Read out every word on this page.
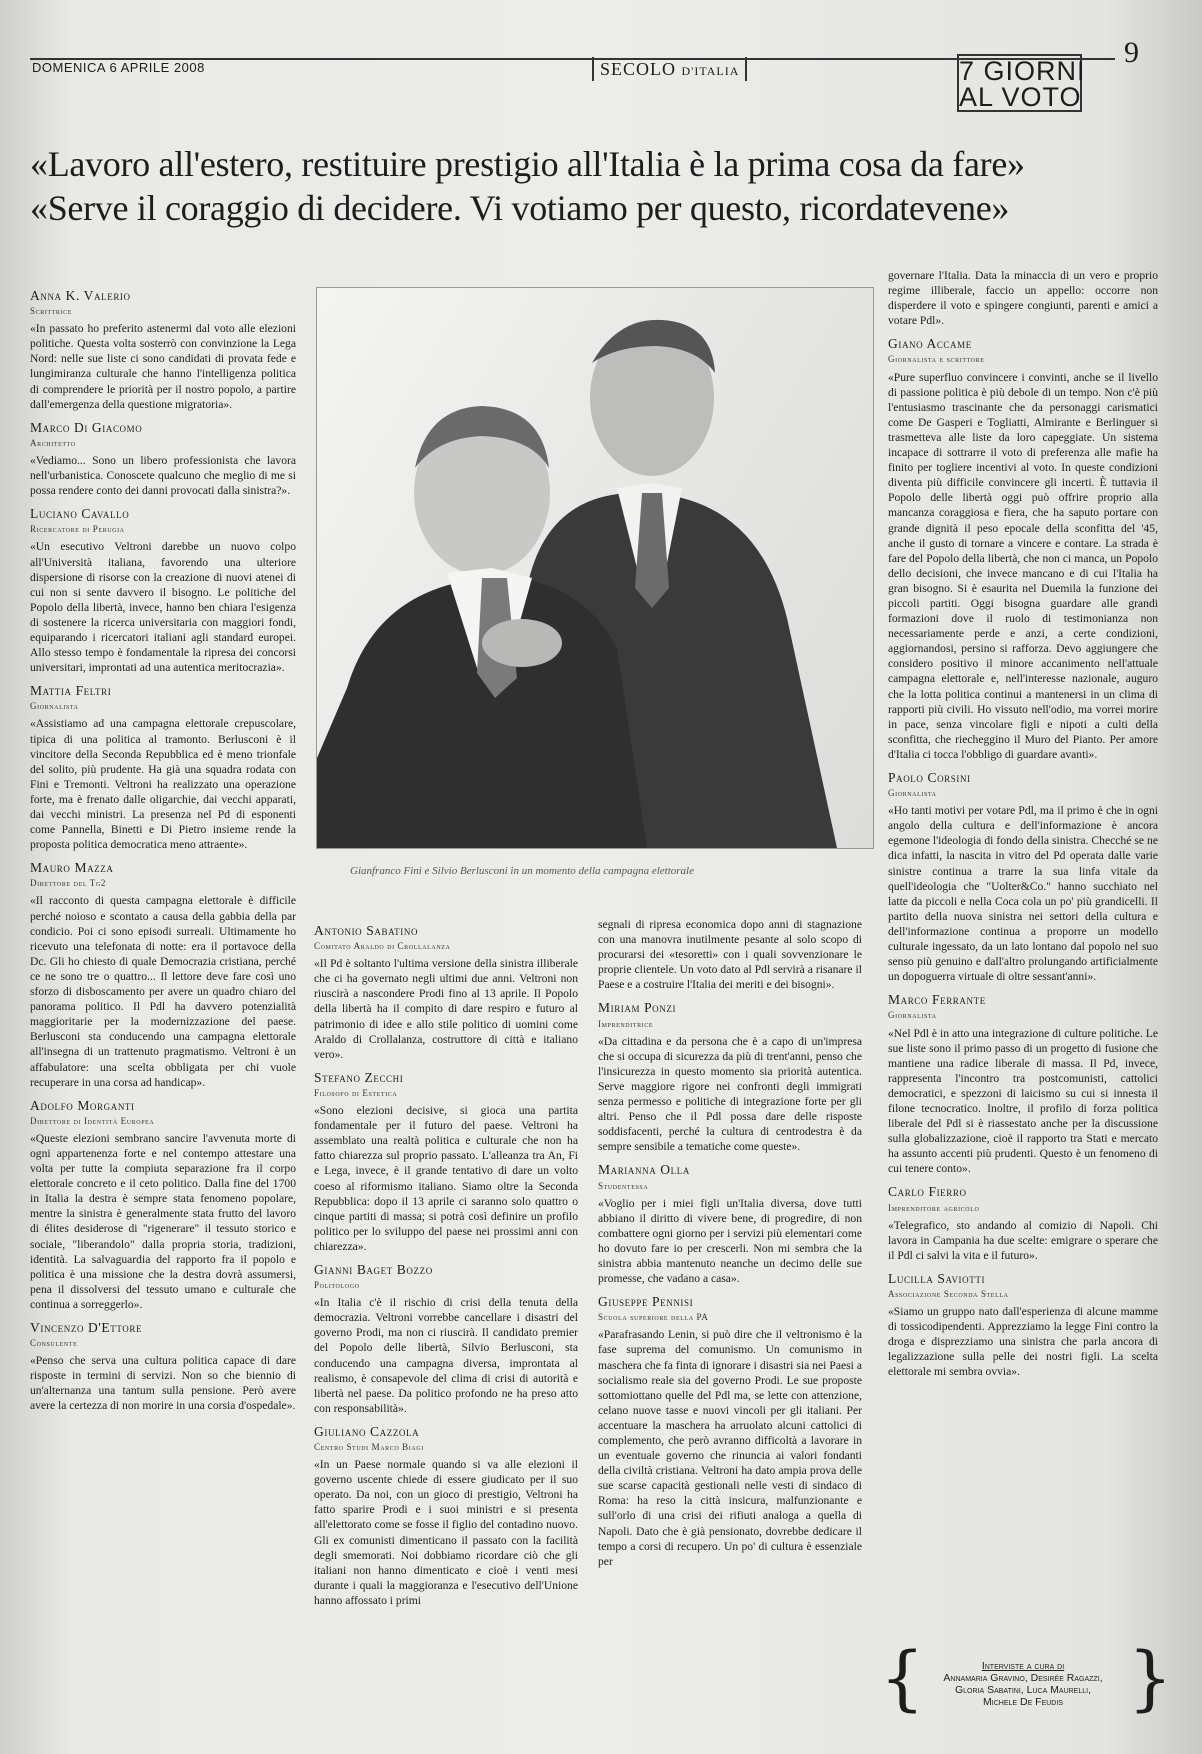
DOMENICA 6 APRILE 2008	SECOLO D'ITALIA	7 GIORNI
AL VOTO
9
«Lavoro all'estero, restituire prestigio all'Italia è la prima cosa da fare»
«Serve il coraggio di decidere. Vi votiamo per questo, ricordatevene»
Anna K. Valerio
Scrittrice

«In passato ho preferito astenermi dal voto alle elezioni politiche. Questa volta sosterrò con convinzione la Lega Nord: nelle sue liste ci sono candidati di provata fede e lungimiranza culturale che hanno l'intelligenza politica di comprendere le priorità per il nostro popolo, a partire dall'emergenza della questione migratoria».

Marco Di Giacomo
Architetto

«Vediamo... Sono un libero professionista che lavora nell'urbanistica. Conoscete qualcuno che meglio di me si possa rendere conto dei danni provocati dalla sinistra?».

Luciano Cavallo
Ricercatore di Perugia

«Un esecutivo Veltroni darebbe un nuovo colpo all'Università italiana, favorendo una ulteriore dispersione di risorse con la creazione di nuovi atenei di cui non si sente davvero il bisogno. Le politiche del Popolo della libertà, invece, hanno ben chiara l'esigenza di sostenere la ricerca universitaria con maggiori fondi, equiparando i ricercatori italiani agli standard europei. Allo stesso tempo è fondamentale la ripresa dei concorsi universitari, improntati ad una autentica meritocrazia».

Mattia Feltri
Giornalista

«Assistiamo ad una campagna elettorale crepuscolare, tipica di una politica al tramonto. Berlusconi è il vincitore della Seconda Repubblica ed è meno trionfale del solito, più prudente. Ha già una squadra rodata con Fini e Tremonti. Veltroni ha realizzato una operazione forte, ma è frenato dalle oligarchie, dai vecchi apparati, dai vecchi ministri. La presenza nel Pd di esponenti come Pannella, Binetti e Di Pietro insieme rende la proposta politica democratica meno attraente».

Mauro Mazza
Direttore del Tg2

«Il racconto di questa campagna elettorale è difficile perché noioso e scontato a causa della gabbia della par condicio. Poi ci sono episodi surreali. Ultimamente ho ricevuto una telefonata di notte: era il portavoce della Dc. Gli ho chiesto di quale Democrazia cristiana, perché ce ne sono tre o quattro... Il lettore deve fare così uno sforzo di disboscamento per avere un quadro chiaro del panorama politico. Il Pdl ha davvero potenzialità maggioritarie per la modernizzazione del paese. Berlusconi sta conducendo una campagna elettorale all'insegna di un trattenuto pragmatismo. Veltroni è un affabulatore: una scelta obbligata per chi vuole recuperare in una corsa ad handicap».

Adolfo Morganti
Direttore di Identità Europea

«Queste elezioni sembrano sancire l'avvenuta morte di ogni appartenenza forte e nel contempo attestare una volta per tutte la compiuta separazione fra il corpo elettorale concreto e il ceto politico. Dalla fine del 1700 in Italia la destra è sempre stata fenomeno popolare, mentre la sinistra è generalmente stata frutto del lavoro di élites desiderose di "rigenerare" il tessuto storico e sociale, "liberandolo" dalla propria storia, tradizioni, identità. La salvaguardia del rapporto fra il popolo e politica è una missione che la destra dovrà assumersi, pena il dissolversi del tessuto umano e culturale che continua a sorreggerlo».

Vincenzo D'Ettore
Consulente

«Penso che serva una cultura politica capace di dare risposte in termini di servizi. Non so che biennio di un'alternanza una tantum sulla pensione. Però avere avere la certezza di non morire in una corsia d'ospedale».

Antonio Sabatino
Comitato Araldo di Crollalanza

«Il Pd è soltanto l'ultima versione della sinistra illiberale che ci ha governato negli ultimi due anni. Veltroni non riuscirà a nascondere Prodi fino al 13 aprile. Il Popolo della libertà ha il compito di dare respiro e futuro al patrimonio di idee e allo stile politico di uomini come Araldo di Crollalanza, costruttore di città e italiano vero».

Stefano Zecchi
Filosofo di Estetica

«Sono elezioni decisive, si gioca una partita fondamentale per il futuro del paese. Veltroni ha assemblato una realtà politica e culturale che non ha fatto chiarezza sul proprio passato. L'alleanza tra An, Fi e Lega, invece, è il grande tentativo di dare un volto coeso al riformismo italiano. Siamo oltre la Seconda Repubblica: dopo il 13 aprile ci saranno solo quattro o cinque partiti di massa; si potrà così definire un profilo politico per lo sviluppo del paese nei prossimi anni con chiarezza».

Gianni Baget Bozzo
Politologo

«In Italia c'è il rischio di crisi della tenuta della democrazia. Veltroni vorrebbe cancellare i disastri del governo Prodi, ma non ci riuscirà. Il candidato premier del Popolo delle libertà, Silvio Berlusconi, sta conducendo una campagna diversa, improntata al realismo, è consapevole del clima di crisi di autorità e libertà nel paese. Da politico profondo ne ha preso atto con responsabilità».

Giuliano Cazzola
Centro Studi Marco Biagi

«In un Paese normale quando si va alle elezioni il governo uscente chiede di essere giudicato per il suo operato. Da noi, con un gioco di prestigio, Veltroni ha fatto sparire Prodi e i suoi ministri e si presenta all'elettorato come se fosse il figlio del contadino nuovo. Gli ex comunisti dimenticano il passato con la facilità degli smemorati. Noi dobbiamo ricordare ciò che gli italiani non hanno dimenticato e cioè i venti mesi durante i quali la maggioranza e l'esecutivo dell'Unione hanno affossato i primi

segnali di ripresa economica dopo anni di stagnazione con una manovra inutilmente pesante al solo scopo di procurarsi dei «tesoretti» con i quali sovvenzionare le proprie clientele. Un voto dato al Pdl servirà a risanare il Paese e a costruire l'Italia dei meriti e dei bisogni».

Miriam Ponzi
Imprenditrice

«Da cittadina e da persona che è a capo di un'impresa che si occupa di sicurezza da più di trent'anni, penso che l'insicurezza in questo momento sia priorità autentica. Serve maggiore rigore nei confronti degli immigrati senza permesso e politiche di integrazione forte per gli altri. Penso che il Pdl possa dare delle risposte soddisfacenti, perché la cultura di centrodestra è da sempre sensibile a tematiche come queste».

Marianna Olla
Studentessa

«Voglio per i miei figli un'Italia diversa, dove tutti abbiano il diritto di vivere bene, di progredire, di non combattere ogni giorno per i servizi più elementari come ho dovuto fare io per crescerli. Non mi sembra che la sinistra abbia mantenuto neanche un decimo delle sue promesse, che vadano a casa».

Giuseppe Pennisi
Scuola superiore della PA

«Parafrasando Lenin, si può dire che il veltronismo è la fase suprema del comunismo. Un comunismo in maschera che fa finta di ignorare i disastri sia nei Paesi a socialismo reale sia del governo Prodi. Le sue proposte sottomiottano quelle del Pdl ma, se lette con attenzione, celano nuove tasse e nuovi vincoli per gli italiani. Per accentuare la maschera ha arruolato alcuni cattolici di complemento, che però avranno difficoltà a lavorare in un eventuale governo che rinuncia ai valori fondanti della civiltà cristiana. Veltroni ha dato ampia prova delle sue scarse capacità gestionali nelle vesti di sindaco di Roma: ha reso la città insicura, malfunzionante e sull'orlo di una crisi dei rifiuti analoga a quella di Napoli. Dato che è già pensionato, dovrebbe dedicare il tempo a corsi di recupero. Un po' di cultura è essenziale per

governare l'Italia. Data la minaccia di un vero e proprio regime illiberale, faccio un appello: occorre non disperdere il voto e spingere congiunti, parenti e amici a votare Pdl».

Giano Accame
Giornalista e scrittore

«Pure superfluo convincere i convinti, anche se il livello di passione politica è più debole di un tempo. Non c'è più l'entusiasmo trascinante che da personaggi carismatici come De Gasperi e Togliatti, Almirante e Berlinguer si trasmetteva alle liste da loro capeggiate. Un sistema incapace di sottrarre il voto di preferenza alle mafie ha finito per togliere incentivi al voto. In queste condizioni diventa più difficile convincere gli incerti. È tuttavia il Popolo delle libertà oggi può offrire proprio alla mancanza coraggiosa e fiera, che ha saputo portare con grande dignità il peso epocale della sconfitta del '45, anche il gusto di tornare a vincere e contare. La strada è fare del Popolo della libertà, che non ci manca, un Popolo dello decisioni, che invece mancano e di cui l'Italia ha gran bisogno. Si è esaurita nel Duemila la funzione dei piccoli partiti. Oggi bisogna guardare alle grandi formazioni dove il ruolo di testimonianza non necessariamente perde e anzi, a certe condizioni, aggiornandosi, persino si rafforza. Devo aggiungere che considero positivo il minore accanimento nell'attuale campagna elettorale e, nell'interesse nazionale, auguro che la lotta politica continui a mantenersi in un clima di rapporti più civili. Ho vissuto nell'odio, ma vorrei morire in pace, senza vincolare figli e nipoti a culti della sconfitta, che riecheggino il Muro del Pianto. Per amore d'Italia ci tocca l'obbligo di guardare avanti».

Paolo Corsini
Giornalista

«Ho tanti motivi per votare Pdl, ma il primo è che in ogni angolo della cultura e dell'informazione è ancora egemone l'ideologia di fondo della sinistra. Checché se ne dica infatti, la nascita in vitro del Pd operata dalle varie sinistre continua a trarre la sua linfa vitale da quell'ideologia che "Uolter&Co." hanno succhiato nel latte da piccoli e nella Coca cola un po' più grandicelli. Il partito della nuova sinistra nei settori della cultura e dell'informazione continua a proporre un modello culturale ingessato, da un lato lontano dal popolo nel suo senso più genuino e dall'altro prolungando artificialmente un dopoguerra virtuale di oltre sessant'anni».

Marco Ferrante
Giornalista

«Nel Pdl è in atto una integrazione di culture politiche. Le sue liste sono il primo passo di un progetto di fusione che mantiene una radice liberale di massa. Il Pd, invece, rappresenta l'incontro tra postcomunisti, cattolici democratici, e spezzoni di laicismo su cui si innesta il filone tecnocratico. Inoltre, il profilo di forza politica liberale del Pdl si è riassestato anche per la discussione sulla globalizzazione, cioè il rapporto tra Stati e mercato ha assunto accenti più prudenti. Questo è un fenomeno di cui tenere conto».

Carlo Fierro
Imprenditore agricolo

«Telegrafico, sto andando al comizio di Napoli. Chi lavora in Campania ha due scelte: emigrare o sperare che il Pdl ci salvi la vita e il futuro».

Lucilla Saviotti
Associazione Seconda Stella

«Siamo un gruppo nato dall'esperienza di alcune mamme di tossicodipendenti. Apprezziamo la legge Fini contro la droga e disprezziamo una sinistra che parla ancora di legalizzazione sulla pelle dei nostri figli. La scelta elettorale mi sembra ovvia».

Gianfranco Fini e Silvio Berlusconi in un momento della campagna elettorale
{	}
Interviste a cura di
Annamaria Gravino, Desirée Ragazzi,
Gloria Sabatini, Luca Maurelli,
Michele De Feudis
